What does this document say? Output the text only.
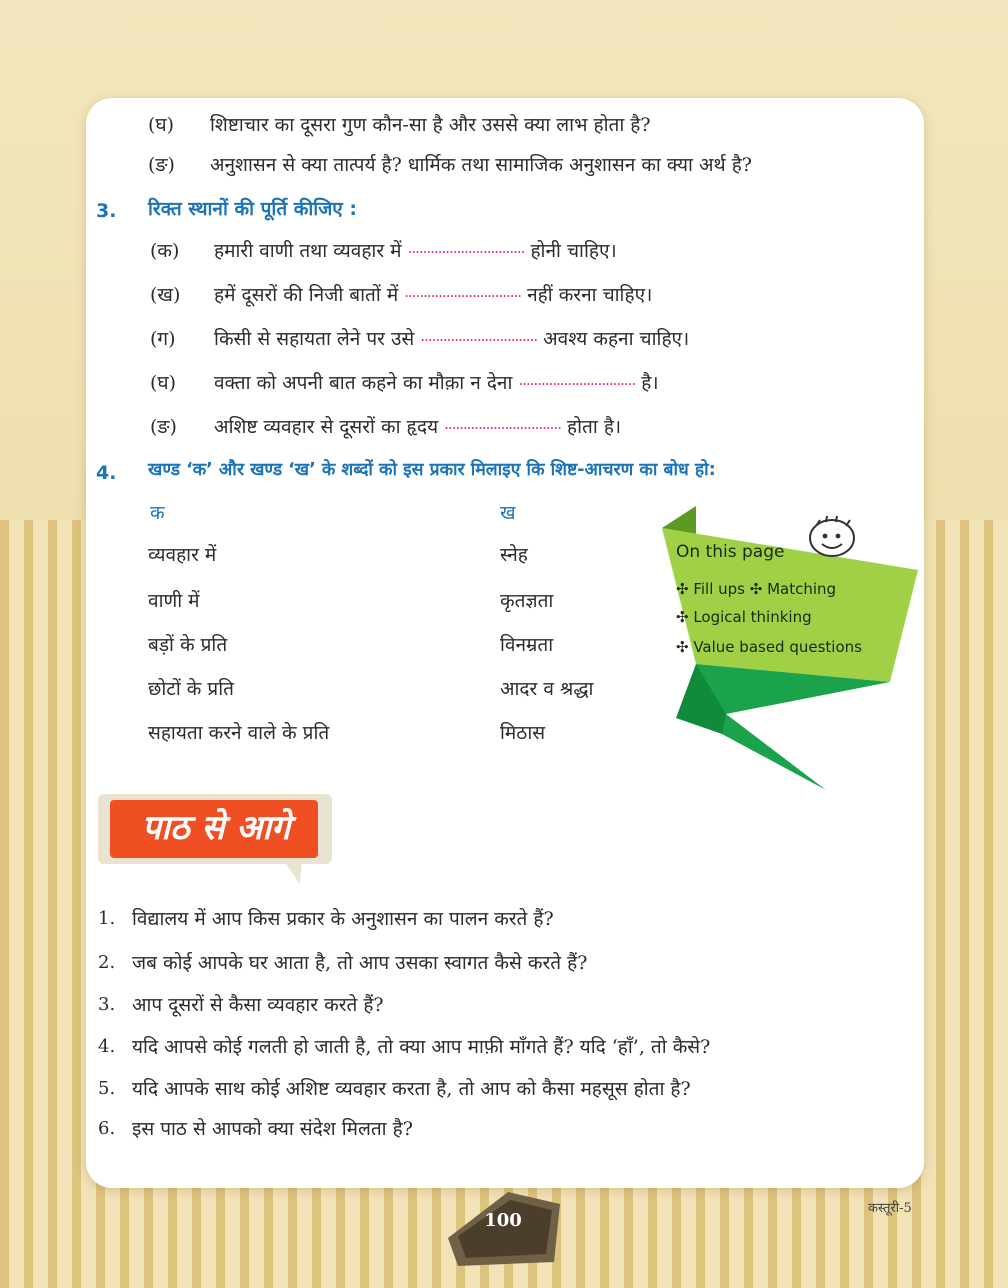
(घ) शिष्टाचार का दूसरा गुण कौन-सा है और उससे क्या लाभ होता है?
(ङ) अनुशासन से क्या तात्पर्य है? धार्मिक तथा सामाजिक अनुशासन का क्या अर्थ है?
3. रिक्त स्थानों की पूर्ति कीजिए :
(क) हमारी वाणी तथा व्यवहार में ······························· होनी चाहिए।
(ख) हमें दूसरों की निजी बातों में ······························· नहीं करना चाहिए।
(ग) किसी से सहायता लेने पर उसे ······························· अवश्य कहना चाहिए।
(घ) वक्ता को अपनी बात कहने का मौक़ा न देना ······························· है।
(ङ) अशिष्ट व्यवहार से दूसरों का हृदय ······························· होता है।
4. खण्ड ‘क’ और खण्ड ‘ख’ के शब्दों को इस प्रकार मिलाइए कि शिष्ट-आचरण का बोध हो:
क	ख
व्यवहार में
वाणी में
बड़ों के प्रति
छोटों के प्रति
सहायता करने वाले के प्रति
स्नेह
कृतज्ञता
विनम्रता
आदर व श्रद्धा
मिठास
On this page
✣ Fill ups ✣ Matching
✣ Logical thinking
✣ Value based questions
पाठ से आगे
1. विद्यालय में आप किस प्रकार के अनुशासन का पालन करते हैं?
2. जब कोई आपके घर आता है, तो आप उसका स्वागत कैसे करते हैं?
3. आप दूसरों से कैसा व्यवहार करते हैं?
4. यदि आपसे कोई गलती हो जाती है, तो क्या आप माफ़ी माँगते हैं? यदि ‘हाँ’, तो कैसे?
5. यदि आपके साथ कोई अशिष्ट व्यवहार करता है, तो आप को कैसा महसूस होता है?
6. इस पाठ से आपको क्या संदेश मिलता है?
100
कस्तूरी-5
